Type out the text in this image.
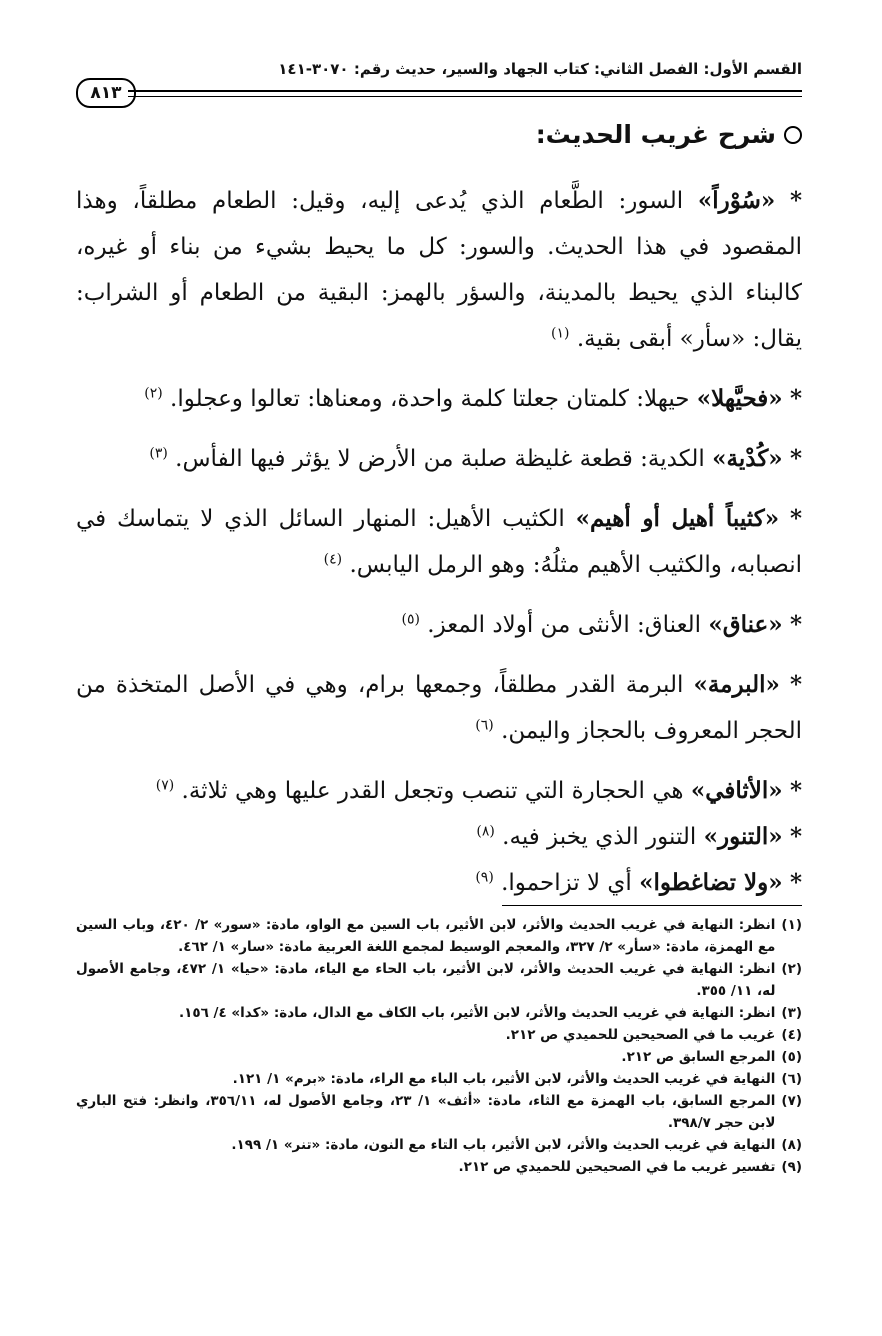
القسم الأول: الفصل الثاني: كتاب الجهاد والسير، حديث رقم: ٣٠٧٠-١٤١
٨١٣
شرح غريب الحديث:

* «سُوْراً» السور: الطَّعام الذي يُدعى إليه، وقيل: الطعام مطلقاً، وهذا المقصود في هذا الحديث. والسور: كل ما يحيط بشيء من بناء أو غيره، كالبناء الذي يحيط بالمدينة، والسؤر بالهمز: البقية من الطعام أو الشراب: يقال: «سأر» أبقى بقية. $^{(١)}$

* «فحيَّهلا» حيهلا: كلمتان جعلتا كلمة واحدة، ومعناها: تعالوا وعجلوا. $^{(٢)}$

* «كُدْية» الكدية: قطعة غليظة صلبة من الأرض لا يؤثر فيها الفأس. $^{(٣)}$

* «كثيباً أهيل أو أهيم» الكثيب الأهيل: المنهار السائل الذي لا يتماسك في انصبابه، والكثيب الأهيم مثلُهُ: وهو الرمل اليابس. $^{(٤)}$

* «عناق» العناق: الأنثى من أولاد المعز. $^{(٥)}$

* «البرمة» البرمة القدر مطلقاً، وجمعها برام، وهي في الأصل المتخذة من الحجر المعروف بالحجاز واليمن. $^{(٦)}$

* «الأثافي» هي الحجارة التي تنصب وتجعل القدر عليها وهي ثلاثة. $^{(٧)}$

* «التنور» التنور الذي يخبز فيه. $^{(٨)}$

* «ولا تضاغطوا» أي لا تزاحموا. $^{(٩)}$

(١)
انظر: النهاية في غريب الحديث والأثر، لابن الأثير، باب السين مع الواو، مادة: «سور» ٢/ ٤٢٠، وباب السين مع الهمزة، مادة: «سأر» ٢/ ٣٢٧، والمعجم الوسيط لمجمع اللغة العربية مادة: «سار» ١/ ٤٦٢.
(٢)
انظر: النهاية في غريب الحديث والأثر، لابن الأثير، باب الحاء مع الياء، مادة: «حيا» ١/ ٤٧٢، وجامع الأصول له، ١١/ ٣٥٥.
(٣)
انظر: النهاية في غريب الحديث والأثر، لابن الأثير، باب الكاف مع الدال، مادة: «كدا» ٤/ ١٥٦.
(٤)
غريب ما في الصحيحين للحميدي ص ٢١٢.
(٥)
المرجع السابق ص ٢١٢.
(٦)
النهاية في غريب الحديث والأثر، لابن الأثير، باب الباء مع الراء، مادة: «برم» ١/ ١٢١.
(٧)
المرجع السابق، باب الهمزة مع الثاء، مادة: «أثف» ١/ ٢٣، وجامع الأصول له، ٣٥٦/١١، وانظر: فتح الباري لابن حجر ٣٩٨/٧.
(٨)
النهاية في غريب الحديث والأثر، لابن الأثير، باب التاء مع النون، مادة: «تنر» ١/ ١٩٩.
(٩)
تفسير غريب ما في الصحيحين للحميدي ص ٢١٢.
